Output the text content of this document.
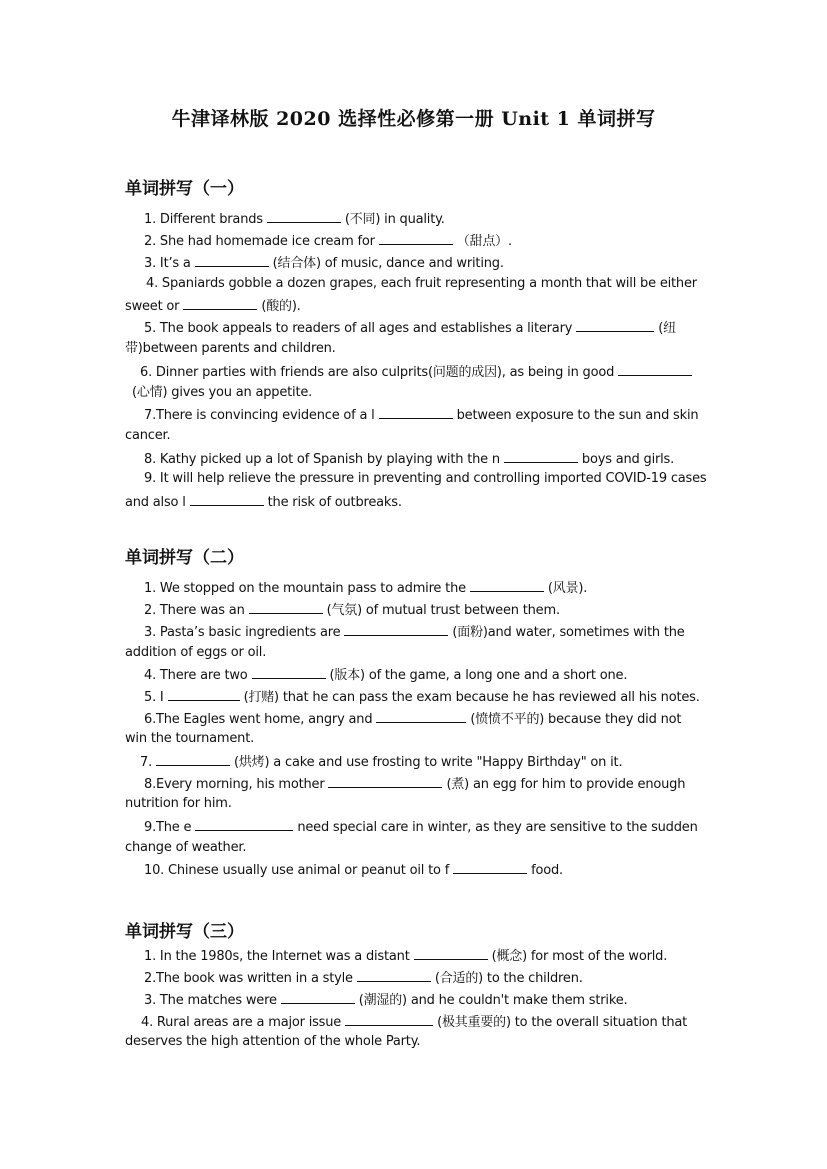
牛津译林版 2020 选择性必修第一册 Unit 1 单词拼写
单词拼写（一）
1. Different brands	(不同) in quality.
2. She had homemade ice cream for	（甜点）.
3. It’s a	(结合体) of music, dance and writing.
4. Spaniards gobble a dozen grapes, each fruit representing a month that will be either
sweet or	(酸的).
5. The book appeals to readers of all ages and establishes a literary	(纽
带)between parents and children.
6. Dinner parties with friends are also culprits(问题的成因), as being in good
(心情) gives you an appetite.
7.There is convincing evidence of a l	between exposure to the sun and skin
cancer.
8. Kathy picked up a lot of Spanish by playing with the n	boys and girls.
9. It will help relieve the pressure in preventing and controlling imported COVID-19 cases
and also l	the risk of outbreaks.
单词拼写（二）
1. We stopped on the mountain pass to admire the	(风景).
2. There was an	(气氛) of mutual trust between them.
3. Pasta’s basic ingredients are	(面粉)and water, sometimes with the
addition of eggs or oil.
4. There are two	(版本) of the game, a long one and a short one.
5. I	(打赌) that he can pass the exam because he has reviewed all his notes.
6.The Eagles went home, angry and	(愤愤不平的) because they did not
win the tournament.
7.	(烘烤) a cake and use frosting to write "Happy Birthday" on it.
8.Every morning, his mother	(煮) an egg for him to provide enough
nutrition for him.
9.The e	need special care in winter, as they are sensitive to the sudden
change of weather.
10. Chinese usually use animal or peanut oil to f	food.
单词拼写（三）
1. In the 1980s, the Internet was a distant	(概念) for most of the world.
2.The book was written in a style	(合适的) to the children.
3. The matches were	(潮湿的) and he couldn't make them strike.
4. Rural areas are a major issue	(极其重要的) to the overall situation that
deserves the high attention of the whole Party.
